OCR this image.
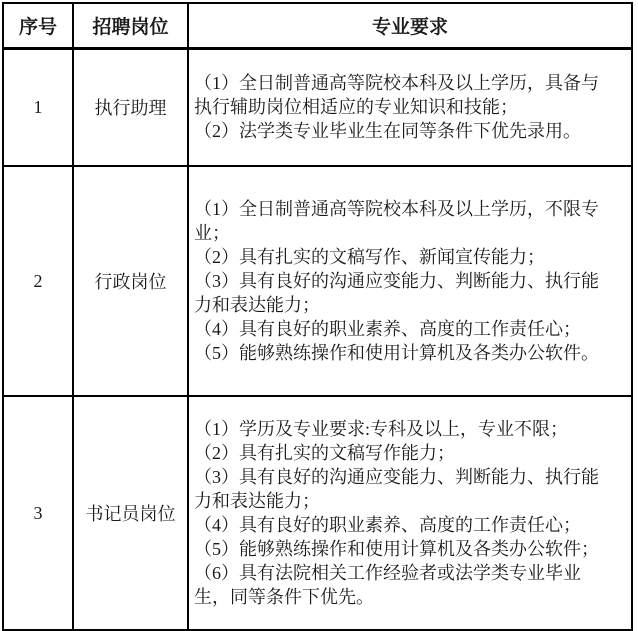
序号	招聘岗位	专业要求
1	执行助理	（1）全日制普通高等院校本科及以上学历，具备与执行辅助岗位相适应的专业知识和技能；
（2）法学类专业毕业生在同等条件下优先录用。

2	行政岗位	（1）全日制普通高等院校本科及以上学历，不限专业；
（2）具有扎实的文稿写作、新闻宣传能力；
（3）具有良好的沟通应变能力、判断能力、执行能力和表达能力；
（4）具有良好的职业素养、高度的工作责任心；
（5）能够熟练操作和使用计算机及各类办公软件。

3	书记员岗位	
（1）学历及专业要求:专科及以上，专业不限；
（2）具有扎实的文稿写作能力；
（3）具有良好的沟通应变能力、判断能力、执行能力和表达能力；
（4）具有良好的职业素养、高度的工作责任心；
（5）能够熟练操作和使用计算机及各类办公软件；
（6）具有法院相关工作经验者或法学类专业毕业生，同等条件下优先。
